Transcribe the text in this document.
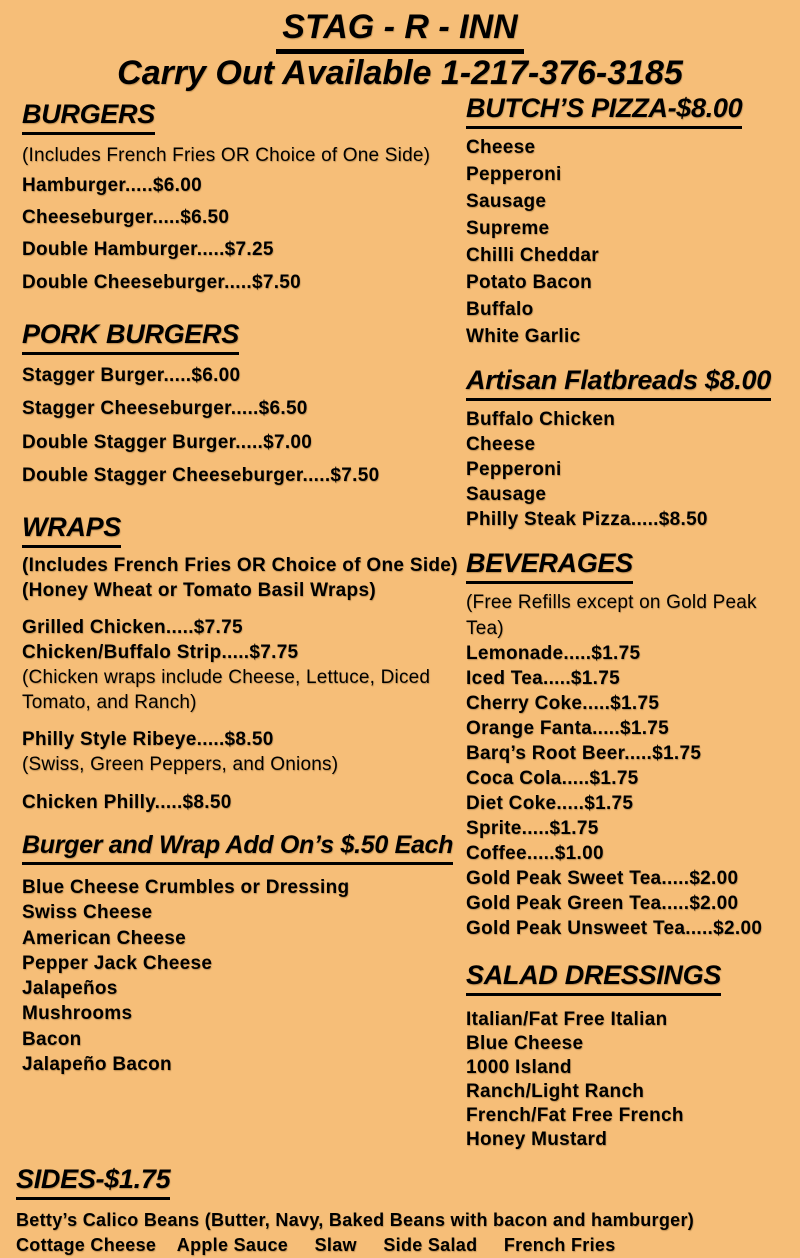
STAG - R - INN
Carry Out Available 1-217-376-3185
BURGERS
(Includes French Fries OR Choice of One Side)
Hamburger.....$6.00
Cheeseburger.....$6.50
Double Hamburger.....$7.25
Double Cheeseburger.....$7.50
PORK BURGERS
Stagger Burger.....$6.00
Stagger Cheeseburger.....$6.50
Double Stagger Burger.....$7.00
Double Stagger Cheeseburger.....$7.50
WRAPS
(Includes French Fries OR Choice of One Side)
(Honey Wheat or Tomato Basil Wraps)
Grilled Chicken.....$7.75
Chicken/Buffalo Strip.....$7.75
(Chicken wraps include Cheese, Lettuce, Diced Tomato, and Ranch)
Philly Style Ribeye.....$8.50
(Swiss, Green Peppers, and Onions)
Chicken Philly.....$8.50
Burger and Wrap Add On’s $.50 Each
Blue Cheese Crumbles or Dressing
Swiss Cheese
American Cheese
Pepper Jack Cheese
Jalapeños
Mushrooms
Bacon
Jalapeño Bacon
BUTCH’S PIZZA-$8.00
Cheese
Pepperoni
Sausage
Supreme
Chilli Cheddar
Potato Bacon
Buffalo
White Garlic
Artisan Flatbreads $8.00
Buffalo Chicken
Cheese
Pepperoni
Sausage
Philly Steak Pizza.....$8.50
BEVERAGES
(Free Refills except on Gold Peak Tea)
Lemonade.....$1.75
Iced Tea.....$1.75
Cherry Coke.....$1.75
Orange Fanta.....$1.75
Barq’s Root Beer.....$1.75
Coca Cola.....$1.75
Diet Coke.....$1.75
Sprite.....$1.75
Coffee.....$1.00
Gold Peak Sweet Tea.....$2.00
Gold Peak Green Tea.....$2.00
Gold Peak Unsweet Tea.....$2.00
SALAD DRESSINGS
Italian/Fat Free Italian
Blue Cheese
1000 Island
Ranch/Light Ranch
French/Fat Free French
Honey Mustard
SIDES-$1.75
Betty’s Calico Beans (Butter, Navy, Baked Beans with bacon and hamburger)
Cottage Cheese    Apple Sauce     Slaw     Side Salad     French Fries
